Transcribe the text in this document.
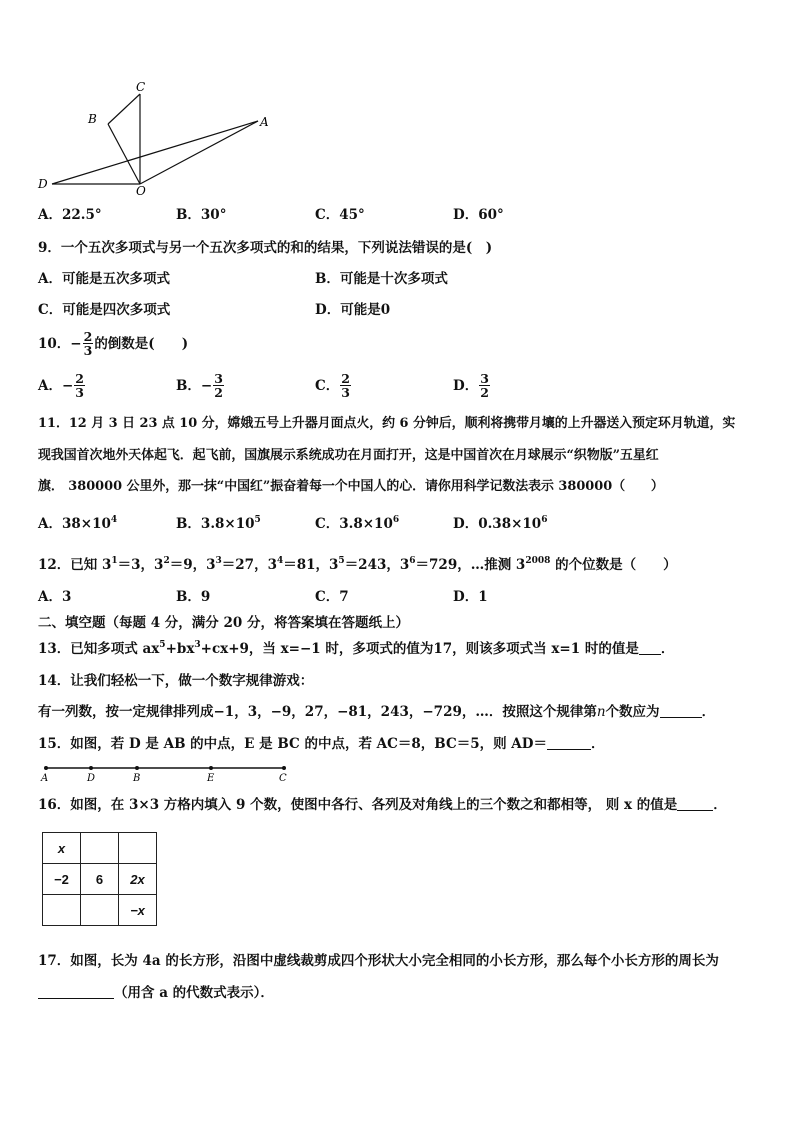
C
B	A
D	O
A．22.5°	B．30°	C．45°	D．60°
9．一个五次多项式与另一个五次多项式的和的结果，下列说法错误的是(　)
A．可能是五次多项式	B．可能是十次多项式
C．可能是四次多项式	D．可能是0
10．− $\frac{2}{3}$ 的倒数是(　　)
A． − $\frac{2}{3}$	B． − $\frac{3}{2}$	C． $\frac{2}{3}$	D． $\frac{3}{2}$
11．12 月 3 日 23 点 10 分，嫦娥五号上升器月面点火，约 6 分钟后，顺利将携带月壤的上升器送入预定环月轨道，实
现我国首次地外天体起飞．起飞前，国旗展示系统成功在月面打开，这是中国首次在月球展示“织物版”五星红
旗． 380000 公里外，那一抹“中国红”振奋着每一个中国人的心．请你用科学记数法表示 380000（　　）
A．$38\times 10^4$	B．$3.8\times 10^5$	C．$3.8\times 10^6$	D．$0.38\times 10^6$
12．已知 $3^1=3$，$3^2=9$，$3^3=27$，$3^4=81$，$3^5=243$，$3^6=729$，…推测 $3^{2008}$ 的个位数是（　　）
A．3	B．9	C．7	D．1
二、填空题（每题 4 分，满分 20 分，将答案填在答题纸上）
13．已知多项式 $ax^5+bx^3+cx+9$，当 x=−1 时，多项式的值为17，则该多项式当 x=1 时的值是 ．
14．让我们轻松一下，做一个数字规律游戏：
有一列数，按一定规律排列成−1，3，−9，27，−81，243，−729，…．按照这个规律第n个数应为	．
15．如图，若 D 是 AB 的中点，E 是 BC 的中点，若 AC＝8，BC＝5，则 AD＝	．
A	D	B	E	C
16．如图，在 3×3 方格内填入 9 个数，使图中各行、各列及对角线上的三个数之和都相等， 则 x 的值是	．
x		
−2	6	2x
		−x
17．如图，长为 4a 的长方形，沿图中虚线裁剪成四个形状大小完全相同的小长方形，那么每个小长方形的周长为
（用含 a 的代数式表示）．
